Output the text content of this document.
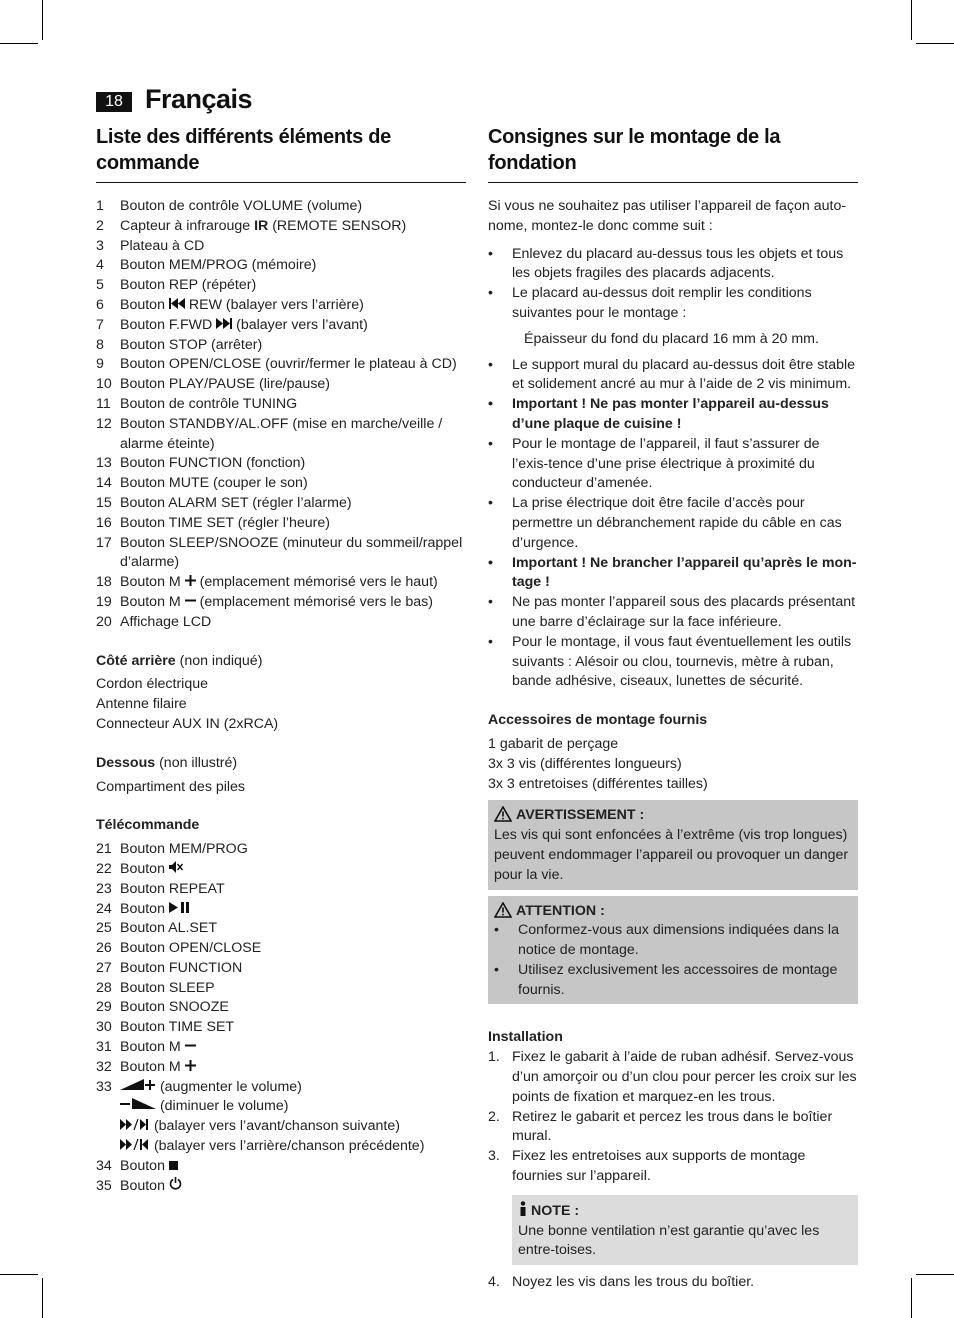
18 Français
Liste des différents éléments de commande
1 Bouton de contrôle VOLUME (volume)
2 Capteur à infrarouge IR (REMOTE SENSOR)
3 Plateau à CD
4 Bouton MEM/PROG (mémoire)
5 Bouton REP (répéter)
6 Bouton  REW (balayer vers l’arrière)
7 Bouton F.FWD  (balayer vers l’avant)
8 Bouton STOP (arrêter)
9 Bouton OPEN/CLOSE (ouvrir/fermer le plateau à CD)
10 Bouton PLAY/PAUSE (lire/pause)
11 Bouton de contrôle TUNING
12 Bouton STANDBY/AL.OFF (mise en marche/veille / alarme éteinte)
13 Bouton FUNCTION (fonction)
14 Bouton MUTE (couper le son)
15 Bouton ALARM SET (régler l’alarme)
16 Bouton TIME SET (régler l’heure)
17 Bouton SLEEP/SNOOZE (minuteur du sommeil/rappel d’alarme)
18 Bouton M  (emplacement mémorisé vers le haut)
19 Bouton M  (emplacement mémorisé vers le bas)
20 Affichage LCD
Côté arrière (non indiqué)
Cordon électrique
Antenne filaire
Connecteur AUX IN (2xRCA)
Dessous (non illustré)
Compartiment des piles
Télécommande
21 Bouton MEM/PROG
22 Bouton
23 Bouton REPEAT
24 Bouton
25 Bouton AL.SET
26 Bouton OPEN/CLOSE
27 Bouton FUNCTION
28 Bouton SLEEP
29 Bouton SNOOZE
30 Bouton TIME SET
31 Bouton M
32 Bouton M
33	(augmenter le volume)
(diminuer le volume)
(balayer vers l’avant/chanson suivante)
(balayer vers l’arrière/chanson précédente)
34 Bouton
35 Bouton
Consignes sur le montage de la fondation

Si vous ne souhaitez pas utiliser l’appareil de façon auto-nome, montez-le donc comme suit :

• Enlevez du placard au-dessus tous les objets et tous les objets fragiles des placards adjacents.
• Le placard au-dessus doit remplir les conditions suivantes pour le montage :
Épaisseur du fond du placard 16 mm à 20 mm.
• Le support mural du placard au-dessus doit être stable et solidement ancré au mur à l’aide de 2 vis minimum.
• Important ! Ne pas monter l’appareil au-dessus d’une plaque de cuisine !
• Pour le montage de l’appareil, il faut s’assurer de l’exis-tence d’une prise électrique à proximité du conducteur d’amenée.
• La prise électrique doit être facile d’accès pour permettre un débranchement rapide du câble en cas d’urgence.
• Important ! Ne brancher l’appareil qu’après le mon-tage !
• Ne pas monter l’appareil sous des placards présentant une barre d’éclairage sur la face inférieure.
• Pour le montage, il vous faut éventuellement les outils suivants : Alésoir ou clou, tournevis, mètre à ruban, bande adhésive, ciseaux, lunettes de sécurité.
Accessoires de montage fournis
1 gabarit de perçage
3x 3 vis (différentes longueurs)
3x 3 entretoises (différentes tailles)
AVERTISSEMENT :
Les vis qui sont enfoncées à l’extrême (vis trop longues) peuvent endommager l’appareil ou provoquer un danger pour la vie.
ATTENTION :
• Conformez-vous aux dimensions indiquées dans la notice de montage.
• Utilisez exclusivement les accessoires de montage fournis.
Installation
1. Fixez le gabarit à l’aide de ruban adhésif. Servez-vous d’un amorçoir ou d’un clou pour percer les croix sur les points de fixation et marquez-en les trous.
2. Retirez le gabarit et percez les trous dans le boîtier mural.
3. Fixez les entretoises aux supports de montage fournies sur l’appareil.
NOTE :
Une bonne ventilation n’est garantie qu’avec les entre-toises.
4. Noyez les vis dans les trous du boîtier.
